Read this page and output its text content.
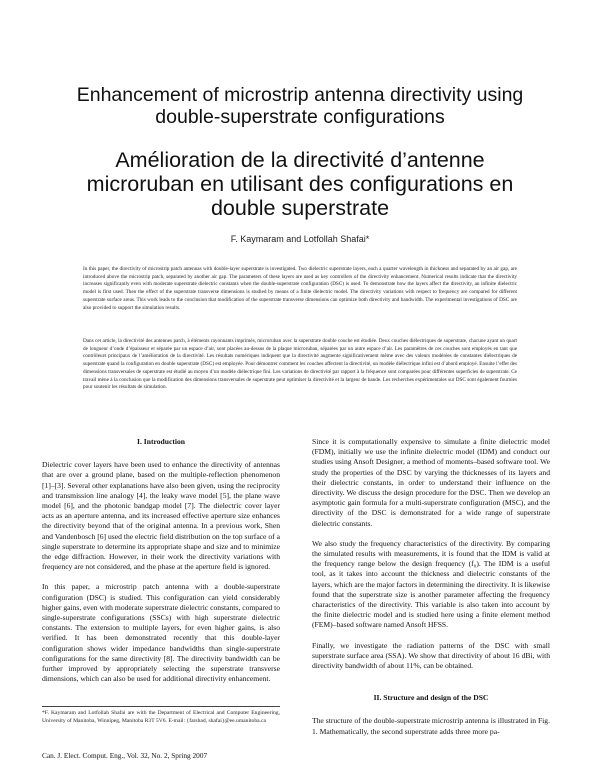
Enhancement of microstrip antenna directivity using double-superstrate configurations
Amélioration de la directivité d’antenne microruban en utilisant des configurations en double superstrate
F. Kaymaram and Lotfollah Shafai*

In this paper, the directivity of microstrip patch antennas with double-layer superstrate is investigated. Two dielectric superstrate layers, each a quarter wavelength in thickness and separated by an air gap, are introduced above the microstrip patch, separated by another air gap. The parameters of these layers are used as key controllers of the directivity enhancement. Numerical results indicate that the directivity increases significantly even with moderate superstrate dielectric constants when the double-superstrate configuration (DSC) is used. To demonstrate how the layers affect the directivity, an infinite dielectric model is first used. Then the effect of the superstrate transverse dimensions is studied by means of a finite dielectric model. The directivity variations with respect to frequency are compared for different superstrate surface areas. This work leads to the conclusion that modification of the superstrate transverse dimensions can optimize both directivity and bandwidth. The experimental investigations of DSC are also provided to support the simulation results.

Dans cet article, la directivité des antennes patch, à éléments rayonnants imprimés, microruban avec la superstrate double couche est étudiée. Deux couches diélectriques de superstrate, chacune ayant un quart de longueur d’onde d’épaisseur et séparée par un espace d’air, sont placées au-dessus de la plaque microruban, séparées par un autre espace d’air. Les paramètres de ces couches sont employés en tant que contrôleurs principaux de l’amélioration de la directivité. Les résultats numériques indiquent que la directivité augmente significativement même avec des valeurs modérées de constantes diélectriques de superstrate quand la configuration en double superstrate (DSC) est employée. Pour démontrer comment les couches affectent la directivité, un modèle diélectrique infini est d’abord employé. Ensuite l’effet des dimensions transversales de superstrate est étudié au moyen d’un modèle diélectrique fini. Les variations de directivité par rapport à la fréquence sont comparées pour différentes superficies de superstrate. Ce travail mène à la conclusion que la modification des dimensions transversales de superstrate peut optimiser la directivité et la largeur de bande. Les recherches expérimentales sur DSC sont également fournies pour soutenir les résultats de simulation.

I. Introduction

Dielectric cover layers have been used to enhance the directivity of antennas that are over a ground plane, based on the multiple-reflection phenomenon [1]–[3]. Several other explanations have also been given, using the reciprocity and transmission line analogy [4], the leaky wave model [5], the plane wave model [6], and the photonic bandgap model [7]. The dielectric cover layer acts as an aperture antenna, and its increased effective aperture size enhances the directivity beyond that of the original antenna. In a previous work, Shen and Vandenbosch [6] used the electric field distribution on the top surface of a single superstrate to determine its appropriate shape and size and to minimize the edge diffraction. However, in their work the directivity variations with frequency are not considered, and the phase at the aperture field is ignored.

In this paper, a microstrip patch antenna with a double-superstrate configuration (DSC) is studied. This configuration can yield considerably higher gains, even with moderate superstrate dielectric constants, compared to single-superstrate configurations (SSCs) with high superstrate dielectric constants. The extension to multiple layers, for even higher gains, is also verified. It has been demonstrated recently that this double-layer configuration shows wider impedance bandwidths than single-superstrate configurations for the same directivity [8]. The directivity bandwidth can be further improved by appropriately selecting the superstrate transverse dimensions, which can also be used for additional directivity enhancement.

Since it is computationally expensive to simulate a finite dielectric model (FDM), initially we use the infinite dielectric model (IDM) and conduct our studies using Ansoft Designer, a method of moments–based software tool. We study the properties of the DSC by varying the thicknesses of its layers and their dielectric constants, in order to understand their influence on the directivity. We discuss the design procedure for the DSC. Then we develop an asymptotic gain formula for a multi-superstrate configuration (MSC), and the directivity of the DSC is demonstrated for a wide range of superstrate dielectric constants.

We also study the frequency characteristics of the directivity. By comparing the simulated results with measurements, it is found that the IDM is valid at the frequency range below the design frequency (f₀). The IDM is a useful tool, as it takes into account the thickness and dielectric constants of the layers, which are the major factors in determining the directivity. It is likewise found that the superstrate size is another parameter affecting the frequency characteristics of the directivity. This variable is also taken into account by the finite dielectric model and is studied here using a finite element method (FEM)–based software named Ansoft HFSS.

Finally, we investigate the radiation patterns of the DSC with small superstrate surface area (SSA). We show that directivity of about 16 dBi, with directivity bandwidth of about 11%, can be obtained.

II. Structure and design of the DSC

The structure of the double-superstrate microstrip antenna is illustrated in Fig. 1. Mathematically, the second superstrate adds three more pa-

*F. Kaymaram and Lotfollah Shafai are with the Department of Electrical and Computer Engineering, University of Manitoba, Winnipeg, Manitoba R3T 5V6. E-mail: {farshad, shafai}@ee.umanitoba.ca

Can. J. Elect. Comput. Eng., Vol. 32, No. 2, Spring 2007
